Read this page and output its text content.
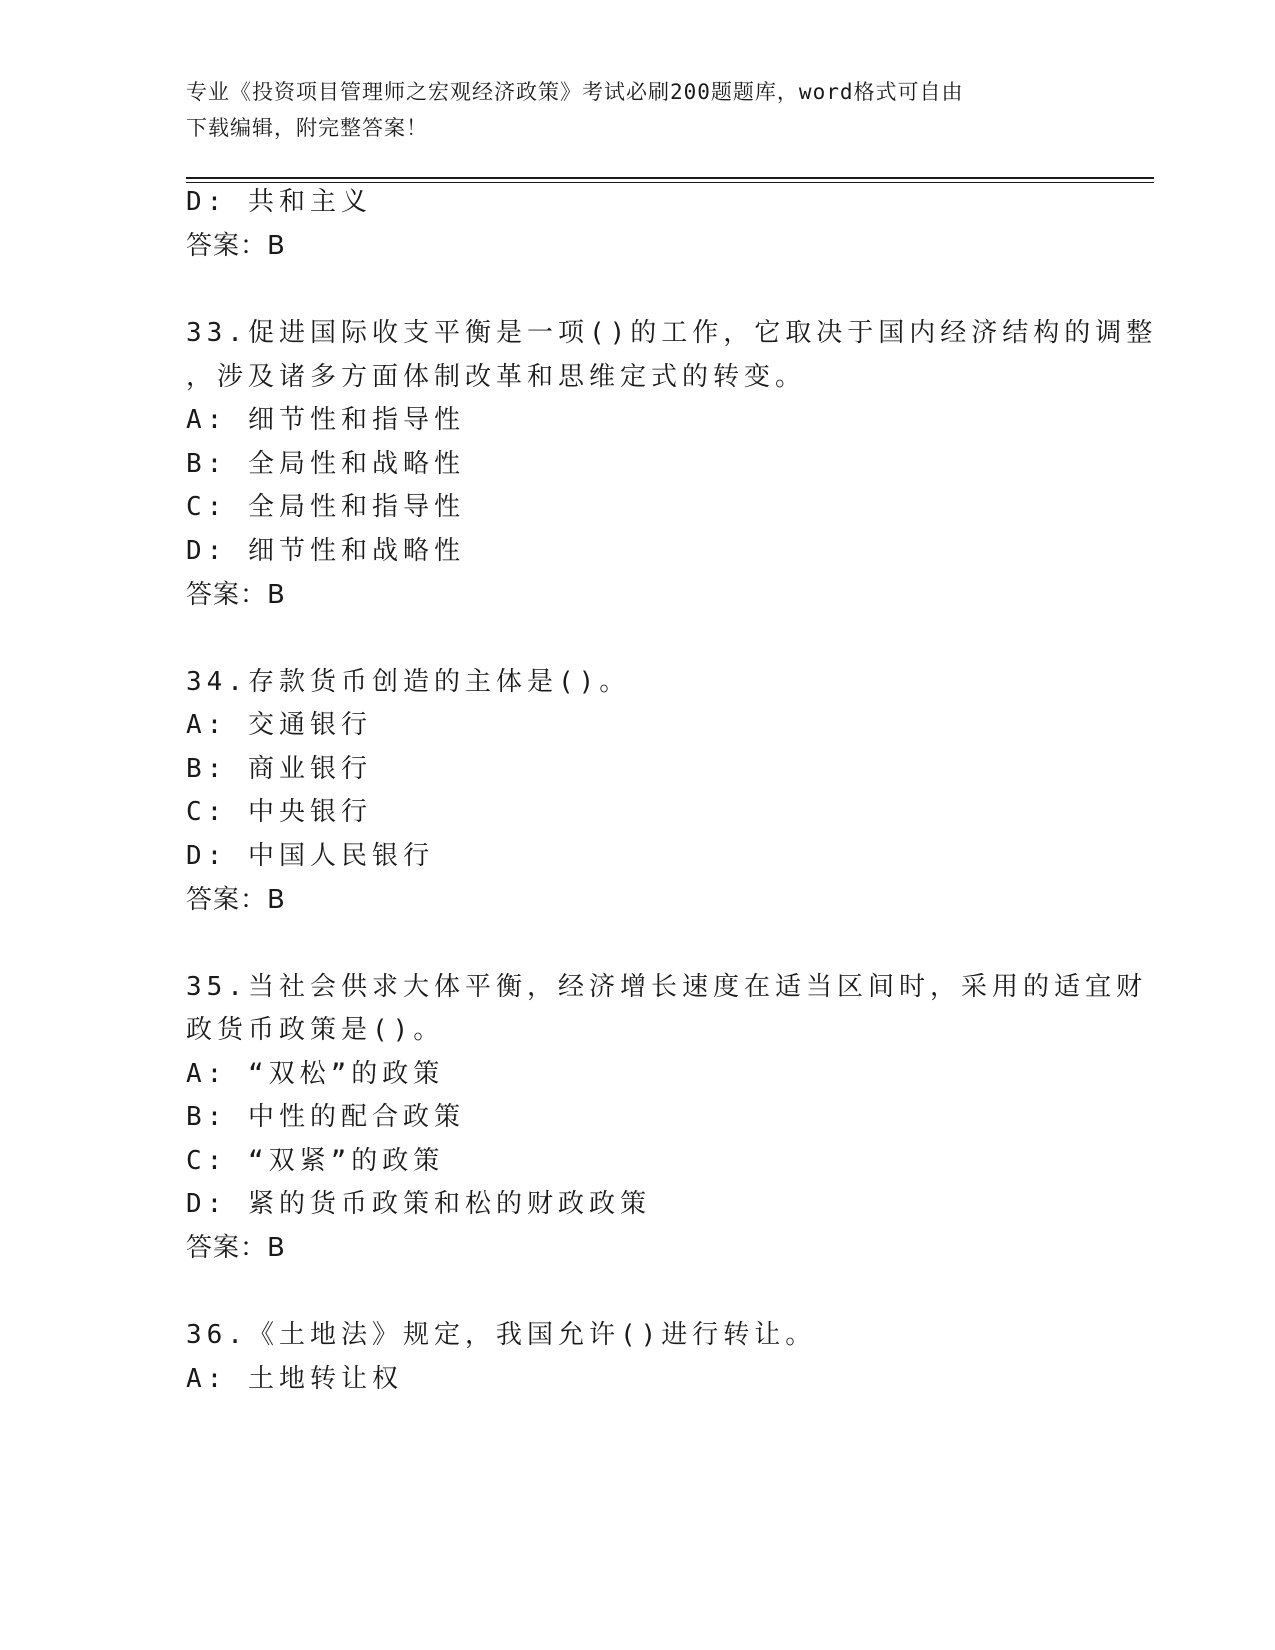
专业《投资项目管理师之宏观经济政策》考试必刷200题题库，word格式可自由
下载编辑，附完整答案！
D: 共和主义
答案：B
33.促进国际收支平衡是一项()的工作，它取决于国内经济结构的调整
，涉及诸多方面体制改革和思维定式的转变。
A: 细节性和指导性
B: 全局性和战略性
C: 全局性和指导性
D: 细节性和战略性
答案：B
34.存款货币创造的主体是()。
A: 交通银行
B: 商业银行
C: 中央银行
D: 中国人民银行
答案：B
35.当社会供求大体平衡，经济增长速度在适当区间时，采用的适宜财
政货币政策是()。
A: “双松”的政策
B: 中性的配合政策
C: “双紧”的政策
D: 紧的货币政策和松的财政政策
答案：B
36.《土地法》规定，我国允许()进行转让。
A: 土地转让权
